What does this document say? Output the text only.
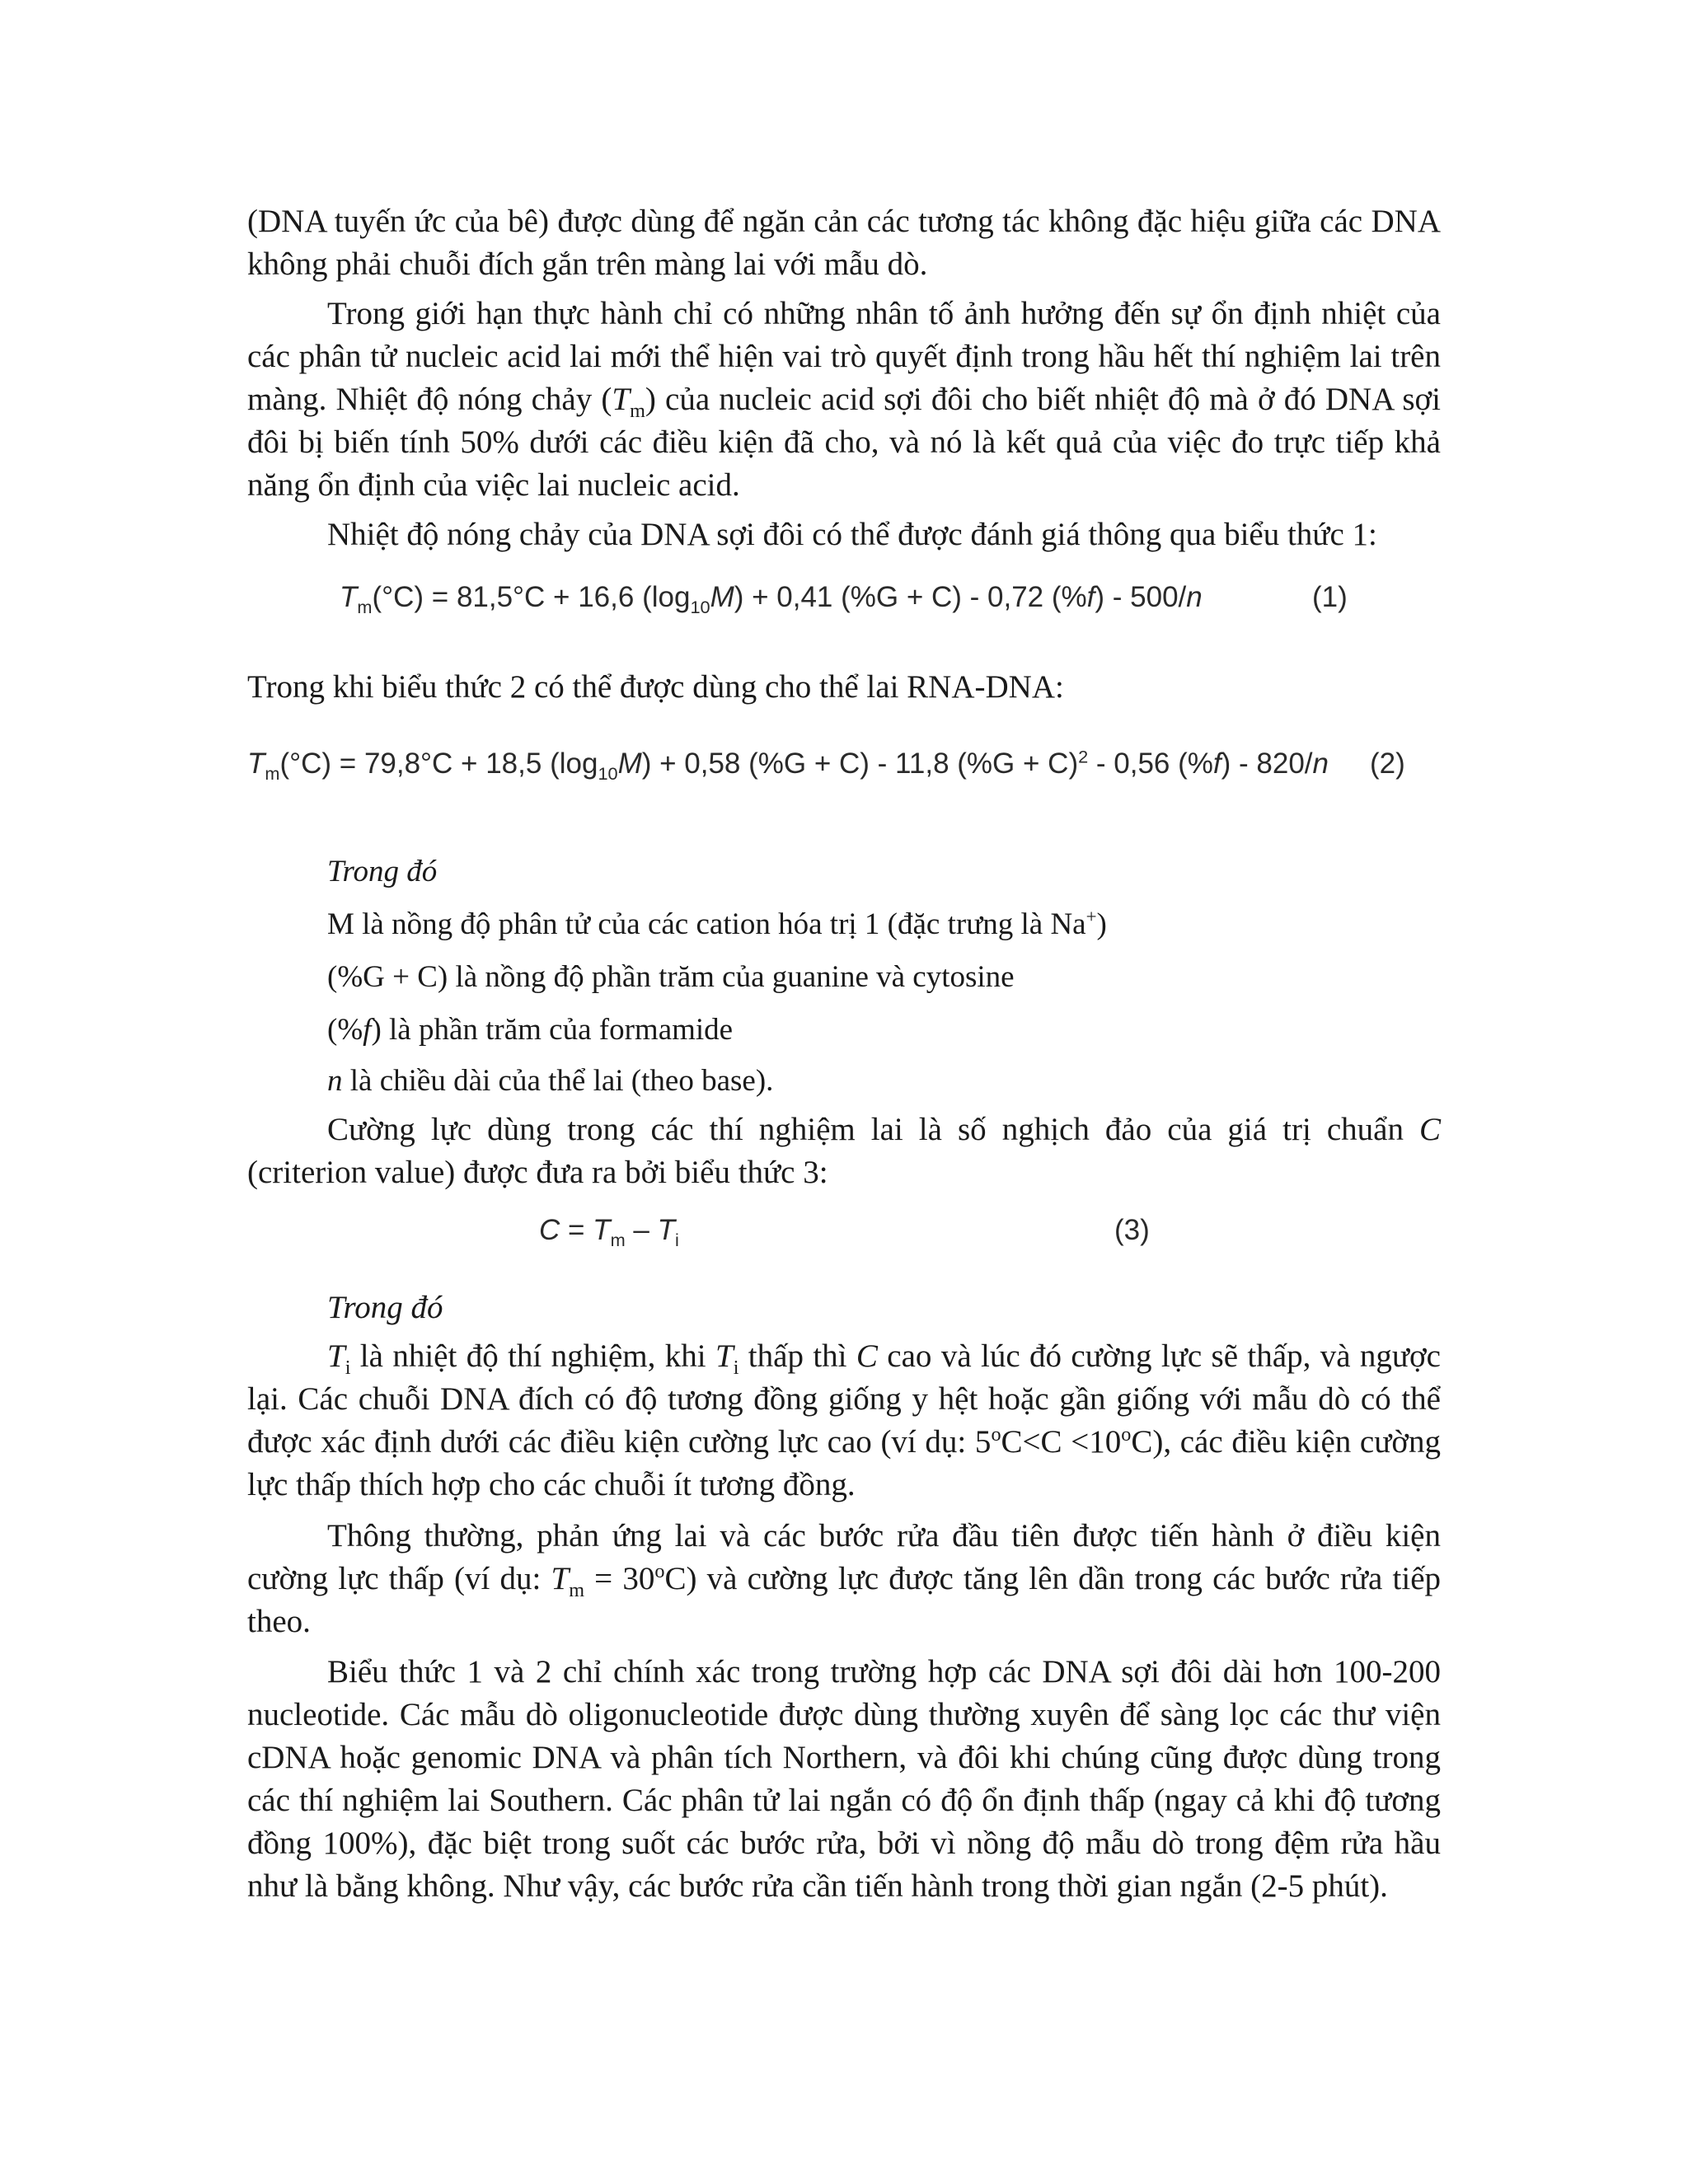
(DNA tuyến ức của bê) được dùng để ngăn cản các tương tác không đặc hiệu giữa các DNA không phải chuỗi đích gắn trên màng lai với mẫu dò.

Trong giới hạn thực hành chỉ có những nhân tố ảnh hưởng đến sự ổn định nhiệt của các phân tử nucleic acid lai mới thể hiện vai trò quyết định trong hầu hết thí nghiệm lai trên màng. Nhiệt độ nóng chảy $(T_m)$ của nucleic acid sợi đôi cho biết nhiệt độ mà ở đó DNA sợi đôi bị biến tính 50% dưới các điều kiện đã cho, và nó là kết quả của việc đo trực tiếp khả năng ổn định của việc lai nucleic acid.

Nhiệt độ nóng chảy của DNA sợi đôi có thể được đánh giá thông qua biểu thức 1:

$T_m(^\circ C) = 81,5^\circ C + 16,6$ $(\log_{10}M) + 0,41$ (%G + C) - 0,72 (%f) - 500/n	(1)

Trong khi biểu thức 2 có thể được dùng cho thể lai RNA-DNA:

$T_m(^\circ C) = 79,8^\circ C + 18,5$ $(\log_{10}M) + 0,58$ (%G + C) - 11,8 $(\%G + C)^2 - 0,56$ (%f) - 820/n (2)
Trong đó
M là nồng độ phân tử của các cation hóa trị 1 (đặc trưng là Na+)
(%G + C) là nồng độ phần trăm của guanine và cytosine
(%f) là phần trăm của formamide
n là chiều dài của thể lai (theo base).

Cường lực dùng trong các thí nghiệm lai là số nghịch đảo của giá trị chuẩn C (criterion value) được đưa ra bởi biểu thức 3:

$C = T_m - T_i$	(3)
Trong đó

$T_i$ là nhiệt độ thí nghiệm, khi $T_i$ thấp thì C cao và lúc đó cường lực sẽ thấp, và ngược lại. Các chuỗi DNA đích có độ tương đồng giống y hệt hoặc gần giống với mẫu dò có thể được xác định dưới các điều kiện cường lực cao (ví dụ: $5^oC<C <10^oC$), các điều kiện cường lực thấp thích hợp cho các chuỗi ít tương đồng.

Thông thường, phản ứng lai và các bước rửa đầu tiên được tiến hành ở điều kiện cường lực thấp (ví dụ: $T_m = 30^oC$) và cường lực được tăng lên dần trong các bước rửa tiếp theo.

Biểu thức 1 và 2 chỉ chính xác trong trường hợp các DNA sợi đôi dài hơn 100-200 nucleotide. Các mẫu dò oligonucleotide được dùng thường xuyên để sàng lọc các thư viện cDNA hoặc genomic DNA và phân tích Northern, và đôi khi chúng cũng được dùng trong các thí nghiệm lai Southern. Các phân tử lai ngắn có độ ổn định thấp (ngay cả khi độ tương đồng 100%), đặc biệt trong suốt các bước rửa, bởi vì nồng độ mẫu dò trong đệm rửa hầu như là bằng không. Như vậy, các bước rửa cần tiến hành trong thời gian ngắn (2-5 phút).
